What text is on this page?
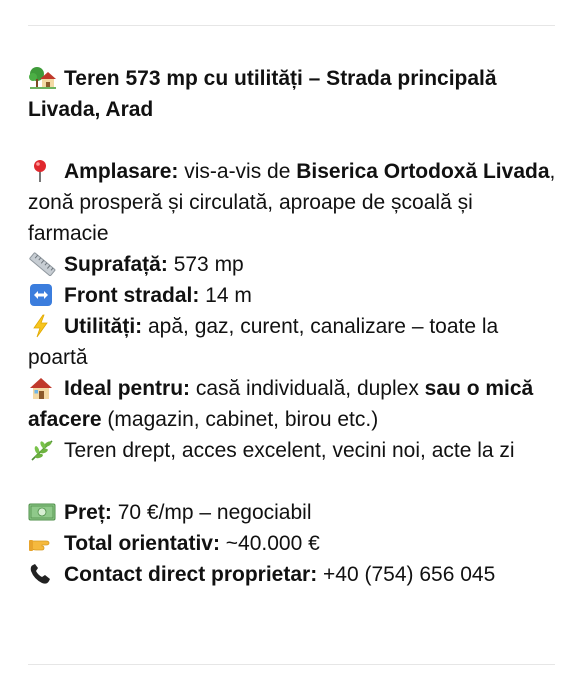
Teren 573 mp cu utilități – Strada principală Livada, Arad

Amplasare: vis-a-vis de Biserica Ortodoxă Livada, zonă prosperă și circulată, aproape de școală și farmacie

Suprafață: 573 mp

Front stradal: 14 m

Utilități: apă, gaz, curent, canalizare – toate la poartă

Ideal pentru: casă individuală, duplex sau o mică afacere (magazin, cabinet, birou etc.)

Teren drept, acces excelent, vecini noi, acte la zi

Preț: 70 €/mp – negociabil

Total orientativ: ~40.000 €

Contact direct proprietar: +40 (754) 656 045
